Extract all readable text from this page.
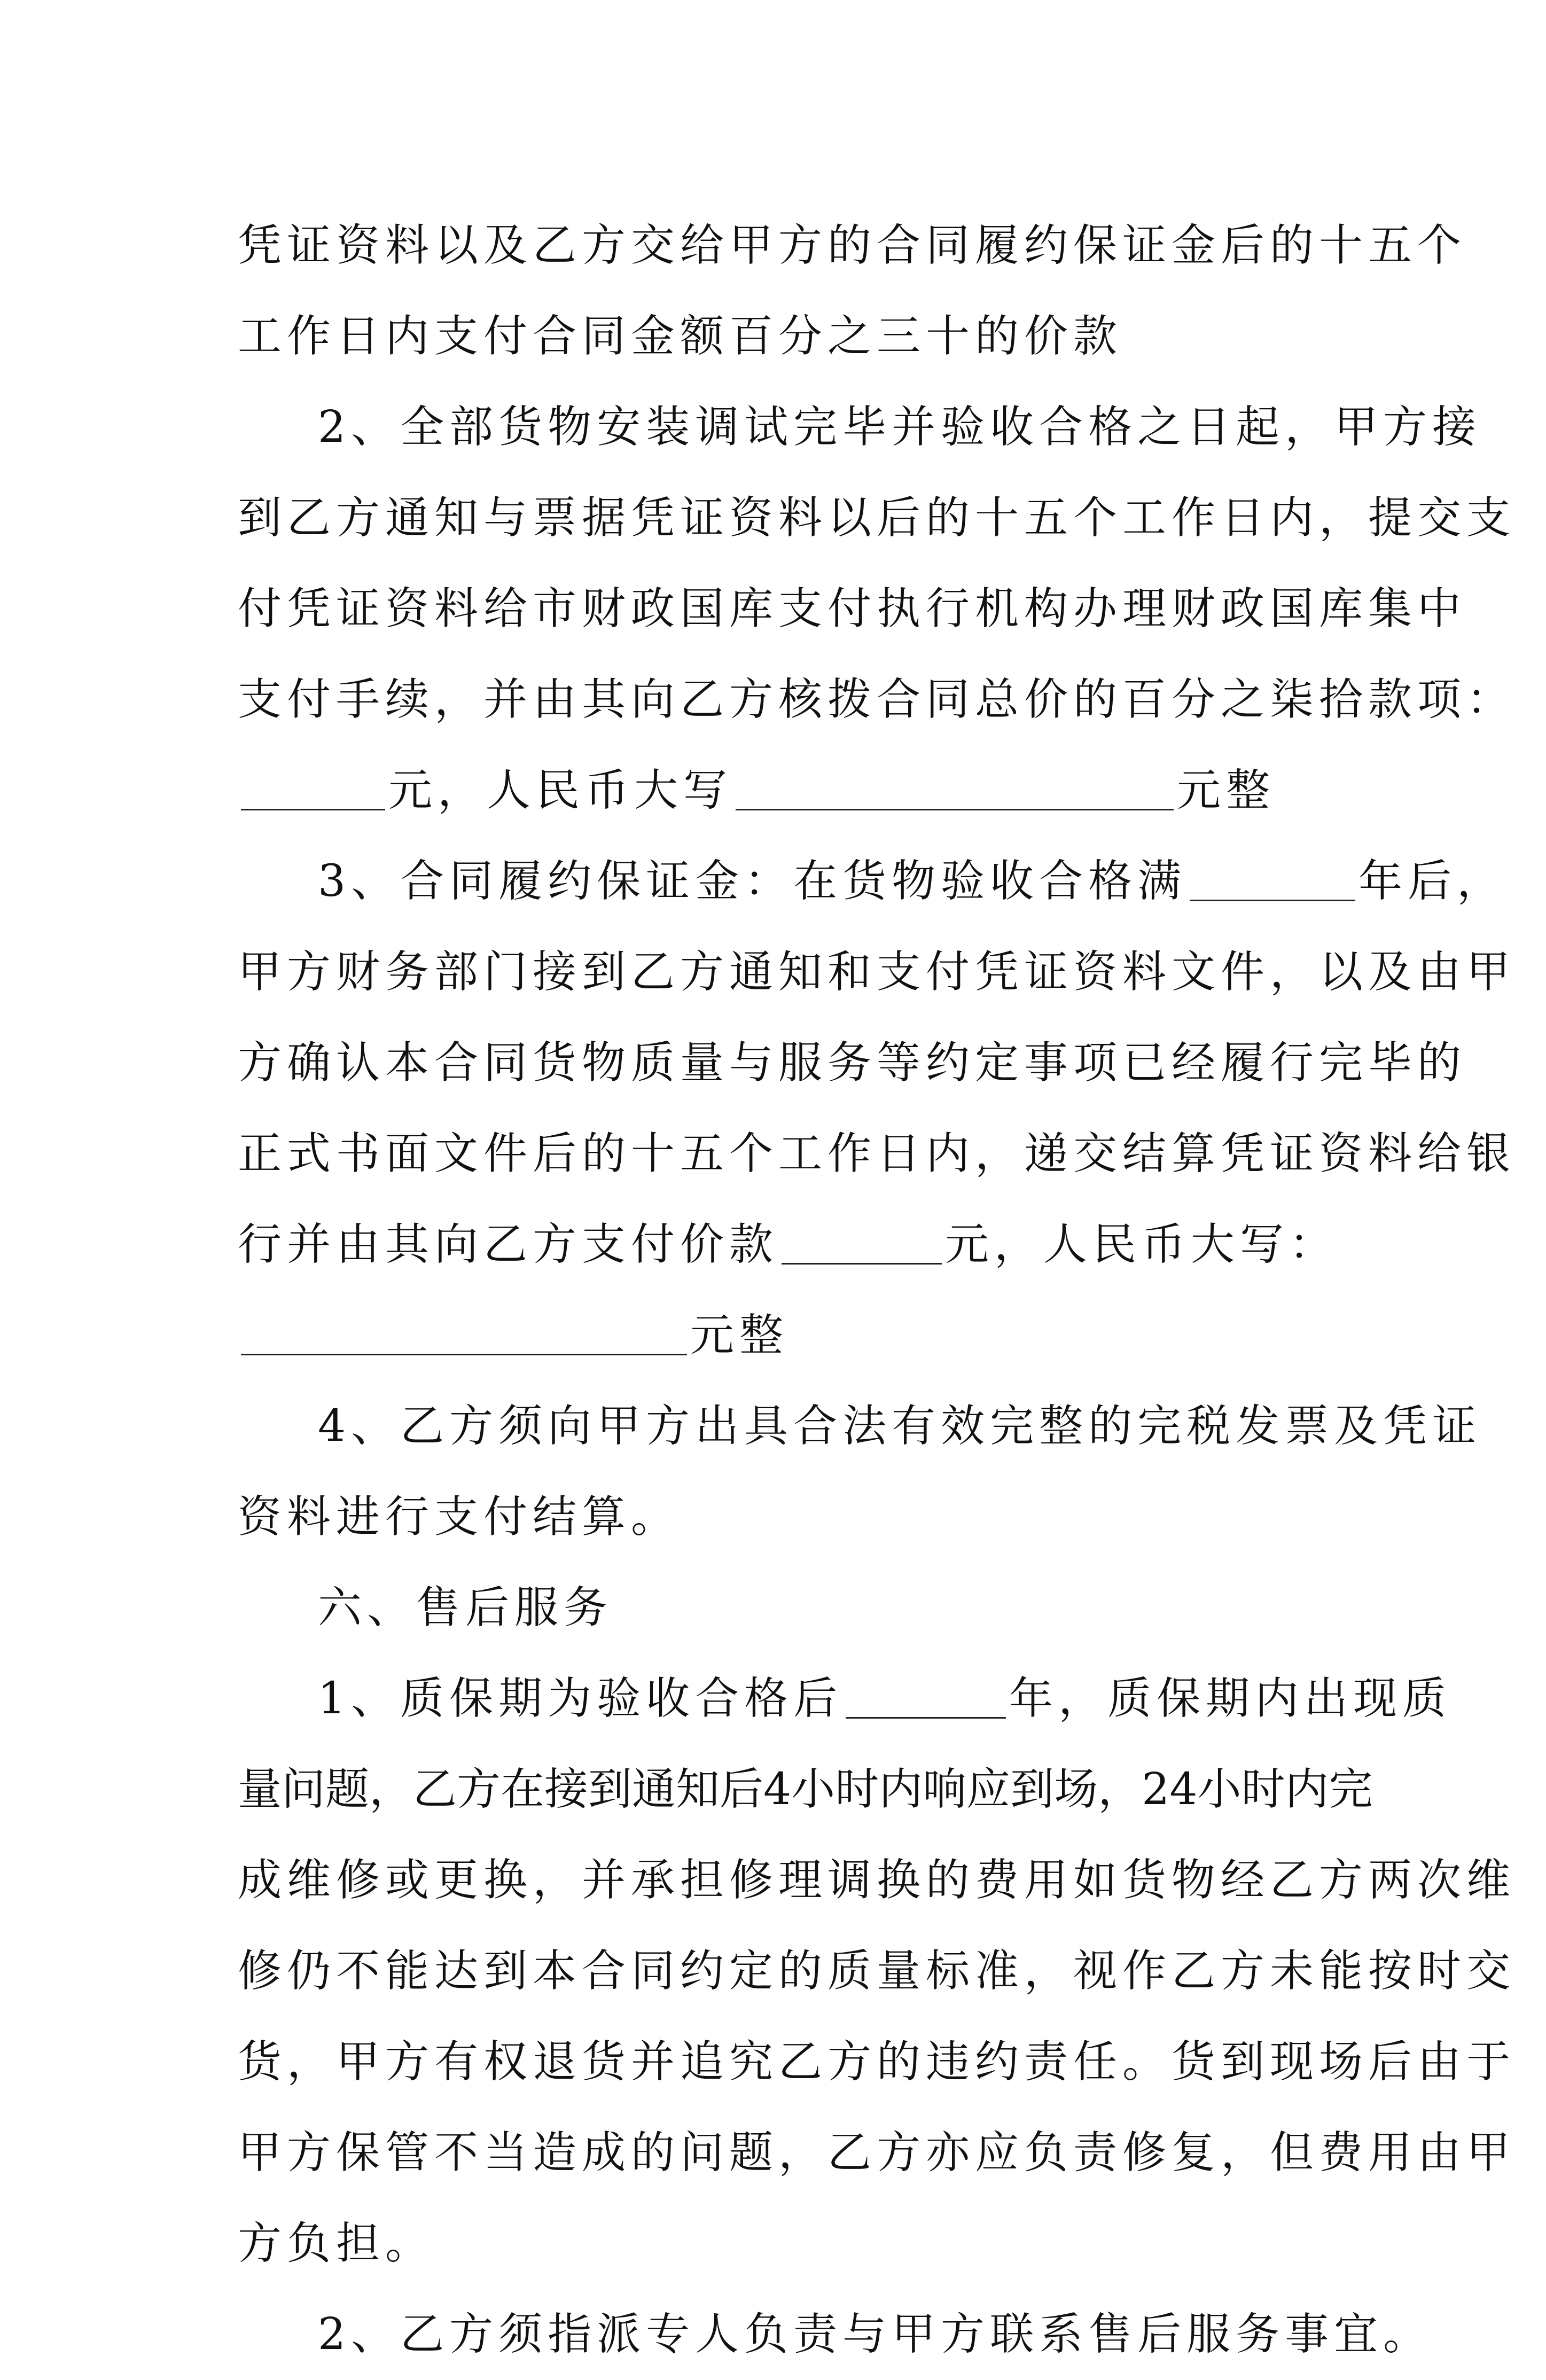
凭证资料以及乙方交给甲方的合同履约保证金后的十五个
工作日内支付合同金额百分之三十的价款
2、全部货物安装调试完毕并验收合格之日起，甲方接
到乙方通知与票据凭证资料以后的十五个工作日内，提交支
付凭证资料给市财政国库支付执行机构办理财政国库集中
支付手续，并由其向乙方核拨合同总价的百分之柒拾款项：
元，人民币大写	元整
3、合同履约保证金：在货物验收合格满	年后，
甲方财务部门接到乙方通知和支付凭证资料文件，以及由甲
方确认本合同货物质量与服务等约定事项已经履行完毕的
正式书面文件后的十五个工作日内，递交结算凭证资料给银
行并由其向乙方支付价款	元，人民币大写：
元整
4、乙方须向甲方出具合法有效完整的完税发票及凭证
资料进行支付结算。
六、售后服务
1、质保期为验收合格后	年，质保期内出现质
量问题，乙方在接到通知后4小时内响应到场，24小时内完
成维修或更换，并承担修理调换的费用如货物经乙方两次维
修仍不能达到本合同约定的质量标准，视作乙方未能按时交
货，甲方有权退货并追究乙方的违约责任。货到现场后由于
甲方保管不当造成的问题，乙方亦应负责修复，但费用由甲
方负担。
2、乙方须指派专人负责与甲方联系售后服务事宜。
